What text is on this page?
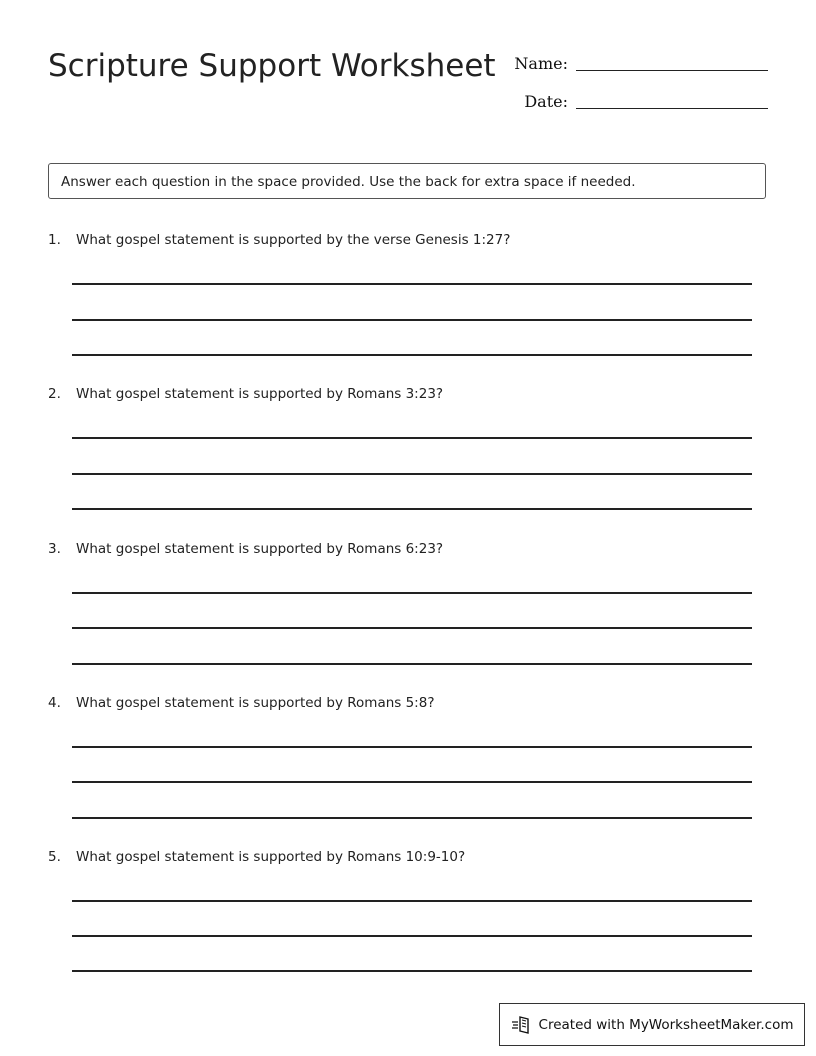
Scripture Support Worksheet Name:
Date:
Answer each question in the space provided. Use the back for extra space if needed.
1.	What gospel statement is supported by the verse Genesis 1:27?
2.	What gospel statement is supported by Romans 3:23?
3.	What gospel statement is supported by Romans 6:23?
4.	What gospel statement is supported by Romans 5:8?
5.	What gospel statement is supported by Romans 10:9-10?
Created with MyWorksheetMaker.com
